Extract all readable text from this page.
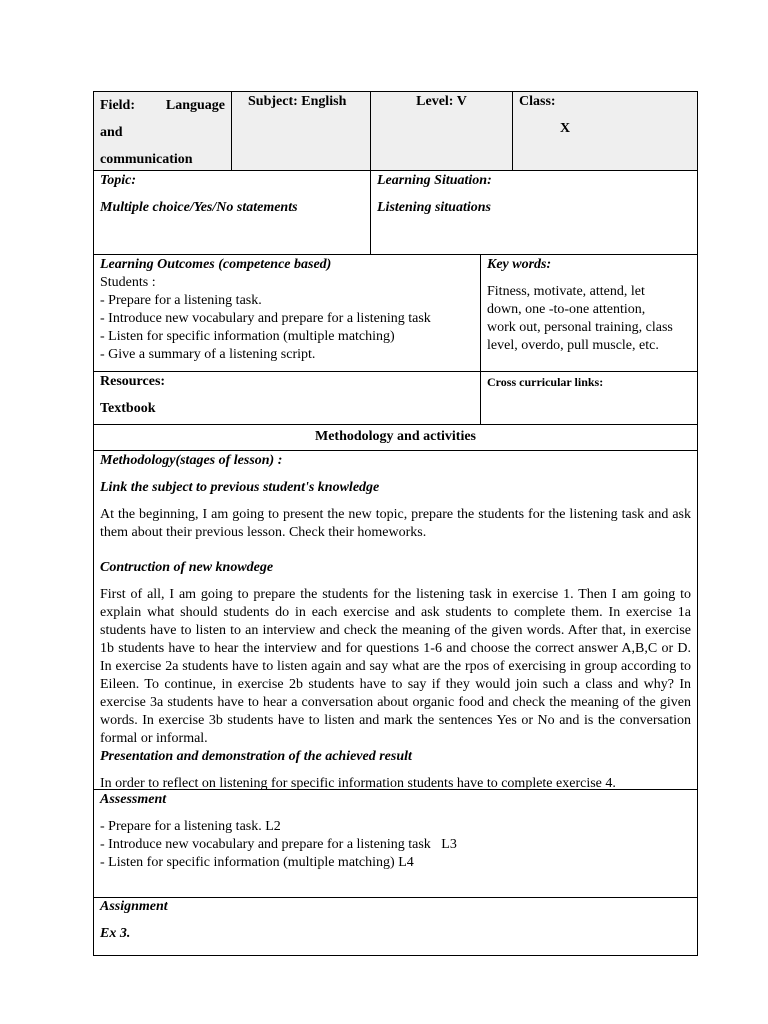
Field: Language
and
communication
Subject: English	Level: V	Class:
X
Topic:
Multiple choice/Yes/No statements
Learning Situation:
Listening situations
Learning Outcomes (competence based)
Students :
- Prepare for a listening task.
- Introduce new vocabulary and prepare for a listening task
- Listen for specific information (multiple matching)
- Give a summary of a listening script.
Key words:
Fitness, motivate, attend, let
down, one -to-one attention,
work out, personal training, class
level, overdo, pull muscle, etc.
Resources:
Textbook
Cross curricular links:
Methodology and activities
Methodology(stages of lesson) :
Link the subject to previous student's knowledge
At the beginning, I am going to present the new topic, prepare the students for the listening task and ask them about their previous lesson. Check their homeworks.
Contruction of new knowdege
First of all, I am going to prepare the students for the listening task in exercise 1. Then I am going to explain what should students do in each exercise and ask students to complete them. In exercise 1a students have to listen to an interview and check the meaning of the given words. After that, in exercise 1b students have to hear the interview and for questions 1-6 and choose the correct answer A,B,C or D. In exercise 2a students have to listen again and say what are the rpos of exercising in group according to Eileen. To continue, in exercise 2b students have to say if they would join such a class and why? In exercise 3a students have to hear a conversation about organic food and check the meaning of the given words. In exercise 3b students have to listen and mark the sentences Yes or No and is the conversation formal or informal.
Presentation and demonstration of the achieved result
In order to reflect on listening for specific information students have to complete exercise 4.
Assessment
- Prepare for a listening task. L2
- Introduce new vocabulary and prepare for a listening task   L3
- Listen for specific information (multiple matching) L4
Assignment
Ex 3.
